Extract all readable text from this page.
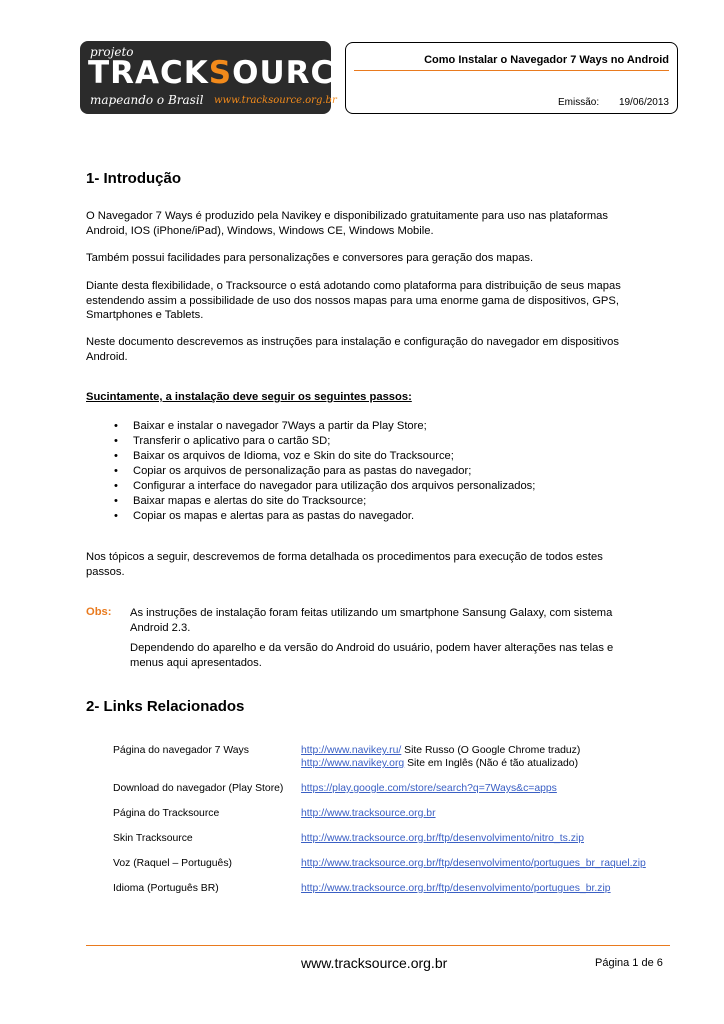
projeto
TRACKSOURCE
mapeando o Brasil www.tracksource.org.br
Como Instalar o Navegador 7 Ways no Android
Emissão: 19/06/2013
1- Introdução
O Navegador 7 Ways é produzido pela Navikey e disponibilizado gratuitamente para uso nas plataformas
Android, IOS (iPhone/iPad), Windows, Windows CE, Windows Mobile.
Também possui facilidades para personalizações e conversores para geração dos mapas.
Diante desta flexibilidade, o Tracksource o está adotando como plataforma para distribuição de seus mapas
estendendo assim a possibilidade de uso dos nossos mapas para uma enorme gama de dispositivos, GPS,
Smartphones e Tablets.
Neste documento descrevemos as instruções para instalação e configuração do navegador em dispositivos
Android.
Sucintamente, a instalação deve seguir os seguintes passos:
• Baixar e instalar o navegador 7Ways a partir da Play Store;
• Transferir o aplicativo para o cartão SD;
• Baixar os arquivos de Idioma, voz e Skin do site do Tracksource;
• Copiar os arquivos de personalização para as pastas do navegador;
• Configurar a interface do navegador para utilização dos arquivos personalizados;
• Baixar mapas e alertas do site do Tracksource;
• Copiar os mapas e alertas para as pastas do navegador.
Nos tópicos a seguir, descrevemos de forma detalhada os procedimentos para execução de todos estes
passos.
Obs: As instruções de instalação foram feitas utilizando um smartphone Sansung Galaxy, com sistema
Android 2.3.
Dependendo do aparelho e da versão do Android do usuário, podem haver alterações nas telas e
menus aqui apresentados.
2- Links Relacionados
Página do navegador 7 Ways	http://www.navikey.ru/ Site Russo (O Google Chrome traduz)
http://www.navikey.org Site em Inglês (Não é tão atualizado)
Download do navegador (Play Store) https://play.google.com/store/search?q=7Ways&c=apps
Página do Tracksource	http://www.tracksource.org.br
Skin Tracksource	http://www.tracksource.org.br/ftp/desenvolvimento/nitro_ts.zip
Voz (Raquel – Português)	http://www.tracksource.org.br/ftp/desenvolvimento/portugues_br_raquel.zip
Idioma (Português BR)	http://www.tracksource.org.br/ftp/desenvolvimento/portugues_br.zip
www.tracksource.org.br	Página 1 de 6
